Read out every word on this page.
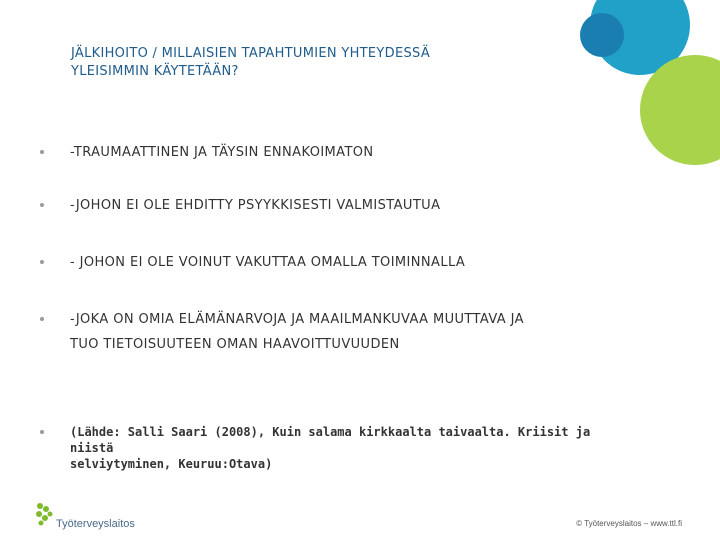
JÄLKIHOITO / MILLAISIEN TAPAHTUMIEN YHTEYDESSÄ
YLEISIMMIN KÄYTETÄÄN?
-TRAUMAATTINEN JA TÄYSIN ENNAKOIMATON
-JOHON EI OLE EHDITTY PSYYKKISESTI VALMISTAUTUA
- JOHON EI OLE VOINUT VAKUTTAA OMALLA TOIMINNALLA
-JOKA ON OMIA ELÄMÄNARVOJA JA MAAILMANKUVAA MUUTTAVA JA
TUO TIETOISUUTEEN OMAN HAAVOITTUVUUDEN
(Lähde: Salli Saari (2008), Kuin salama kirkkaalta taivaalta. Kriisit ja niistä
selviytyminen, Keuruu:Otava)
Työterveyslaitos	© Työterveyslaitos – www.ttl.fi
